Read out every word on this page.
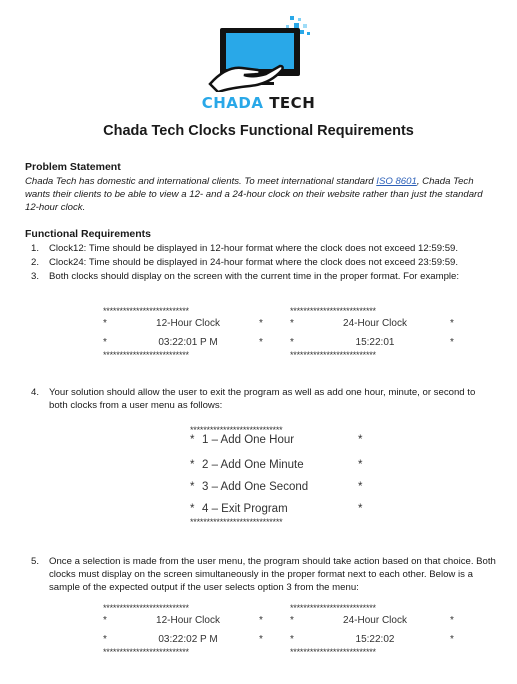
CHADA TECH
Chada Tech Clocks Functional Requirements
Problem Statement
Chada Tech has domestic and international clients. To meet international standard ISO 8601, Chada Tech wants their clients to be able to view a 12- and a 24-hour clock on their website rather than just the standard 12-hour clock.
Functional Requirements
1. Clock12: Time should be displayed in 12-hour format where the clock does not exceed 12:59:59.
2. Clock24: Time should be displayed in 24-hour format where the clock does not exceed 23:59:59.
3. Both clocks should display on the screen with the current time in the proper format. For example:

**************************

*	12-Hour Clock	*

*	03:22:01 P M	*

**************************

**************************

*	24-Hour Clock	*

*	15:22:01	*

**************************

4. Your solution should allow the user to exit the program as well as add one hour, minute, or second to both clocks from a user menu as follows:

****************************

* 1 – Add One Hour	*

* 2 – Add One Minute	*

* 3 – Add One Second	*

* 4 – Exit Program	*

****************************

5. Once a selection is made from the user menu, the program should take action based on that choice. Both clocks must display on the screen simultaneously in the proper format next to each other. Below is a sample of the expected output if the user selects option 3 from the menu:

**************************

*	12-Hour Clock	*

*	03:22:02 P M	*

**************************

**************************

*	24-Hour Clock	*

*	15:22:02	*

**************************
